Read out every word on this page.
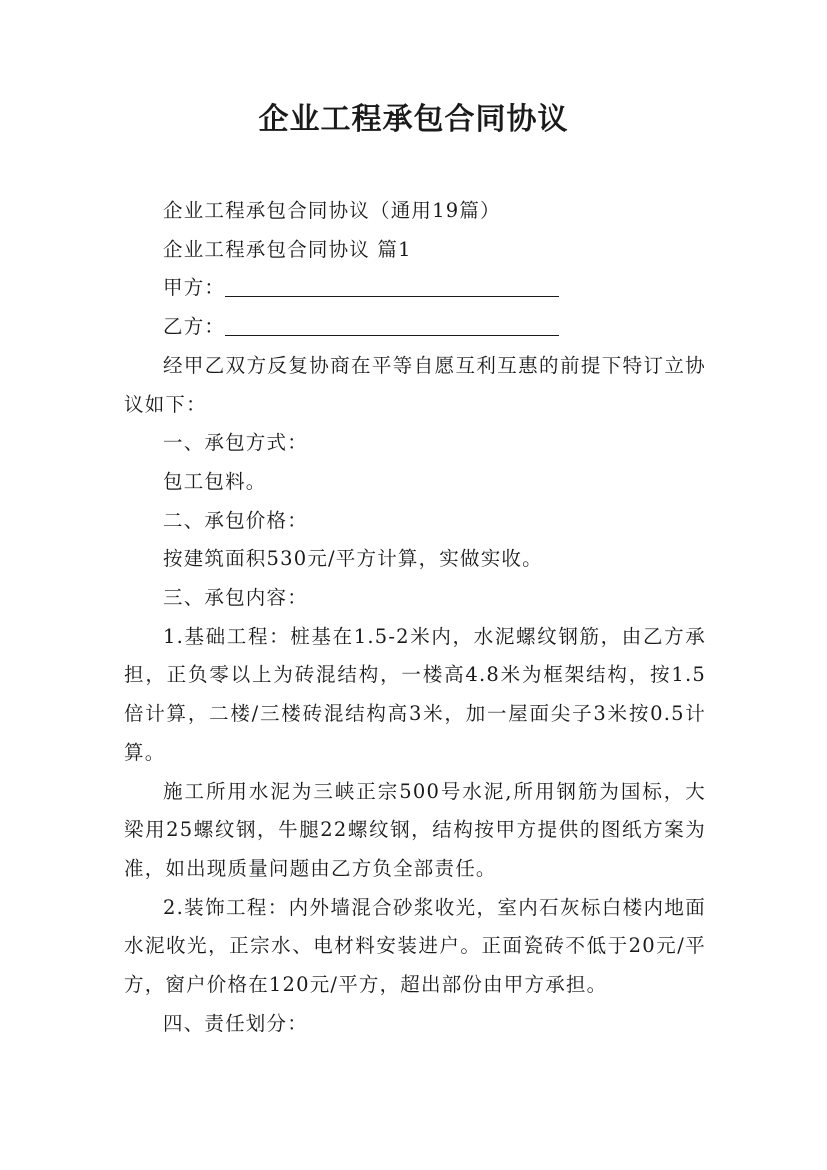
企业工程承包合同协议

企业工程承包合同协议（通用19篇）

企业工程承包合同协议 篇1

甲方：

乙方：

经甲乙双方反复协商在平等自愿互利互惠的前提下特订立协议如下：

一、承包方式：

包工包料。

二、承包价格：

按建筑面积530元/平方计算，实做实收。

三、承包内容：

1.基础工程：桩基在1.5-2米内，水泥螺纹钢筋，由乙方承担，正负零以上为砖混结构，一楼高4.8米为框架结构，按1.5倍计算，二楼/三楼砖混结构高3米，加一屋面尖子3米按0.5计算。

施工所用水泥为三峡正宗500号水泥,所用钢筋为国标，大梁用25螺纹钢，牛腿22螺纹钢，结构按甲方提供的图纸方案为准，如出现质量问题由乙方负全部责任。

2.装饰工程：内外墙混合砂浆收光，室内石灰标白楼内地面水泥收光，正宗水、电材料安装进户。正面瓷砖不低于20元/平方，窗户价格在120元/平方，超出部份由甲方承担。

四、责任划分：
